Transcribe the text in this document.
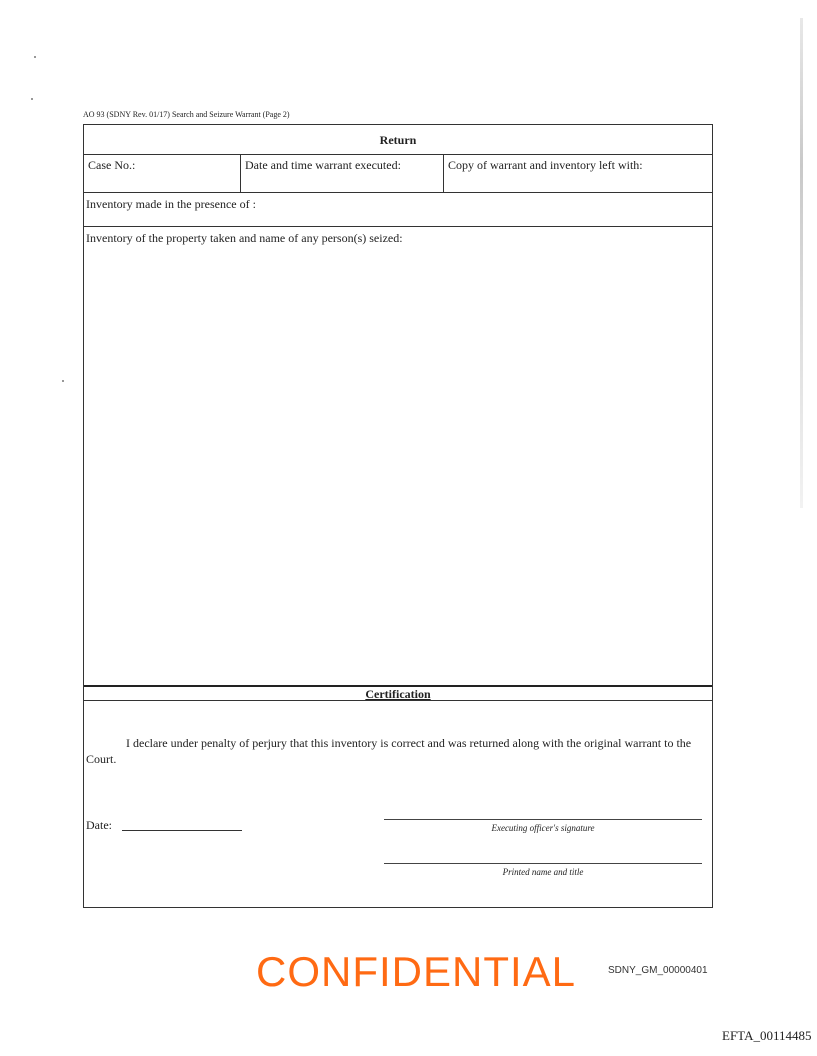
AO 93 (SDNY Rev. 01/17) Search and Seizure Warrant (Page 2)
Return
Case No.:	Date and time warrant executed:	Copy of warrant and inventory left with:
Inventory made in the presence of :
Inventory of the property taken and name of any person(s) seized:
Certification
I declare under penalty of perjury that this inventory is correct and was returned along with the original warrant to the Court.
Date:	Executing officer's signature
Printed name and title
CONFIDENTIAL	SDNY_GM_00000401
EFTA_00114485
